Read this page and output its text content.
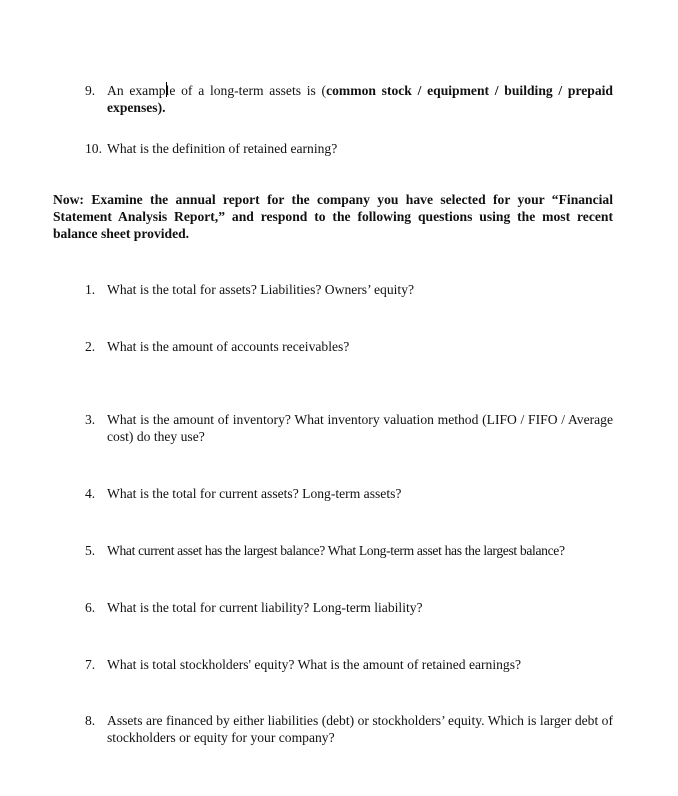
9. An example of a long-term assets is (common stock / equipment / building / prepaid expenses).
10. What is the definition of retained earning?
Now: Examine the annual report for the company you have selected for your “Financial Statement Analysis Report,” and respond to the following questions using the most recent balance sheet provided.
1. What is the total for assets? Liabilities? Owners’ equity?
2. What is the amount of accounts receivables?
3. What is the amount of inventory? What inventory valuation method (LIFO / FIFO / Average cost) do they use?
4. What is the total for current assets? Long-term assets?
5. What current asset has the largest balance? What Long-term asset has the largest balance?
6. What is the total for current liability? Long-term liability?
7. What is total stockholders' equity? What is the amount of retained earnings?
8. Assets are financed by either liabilities (debt) or stockholders’ equity. Which is larger debt of stockholders or equity for your company?
